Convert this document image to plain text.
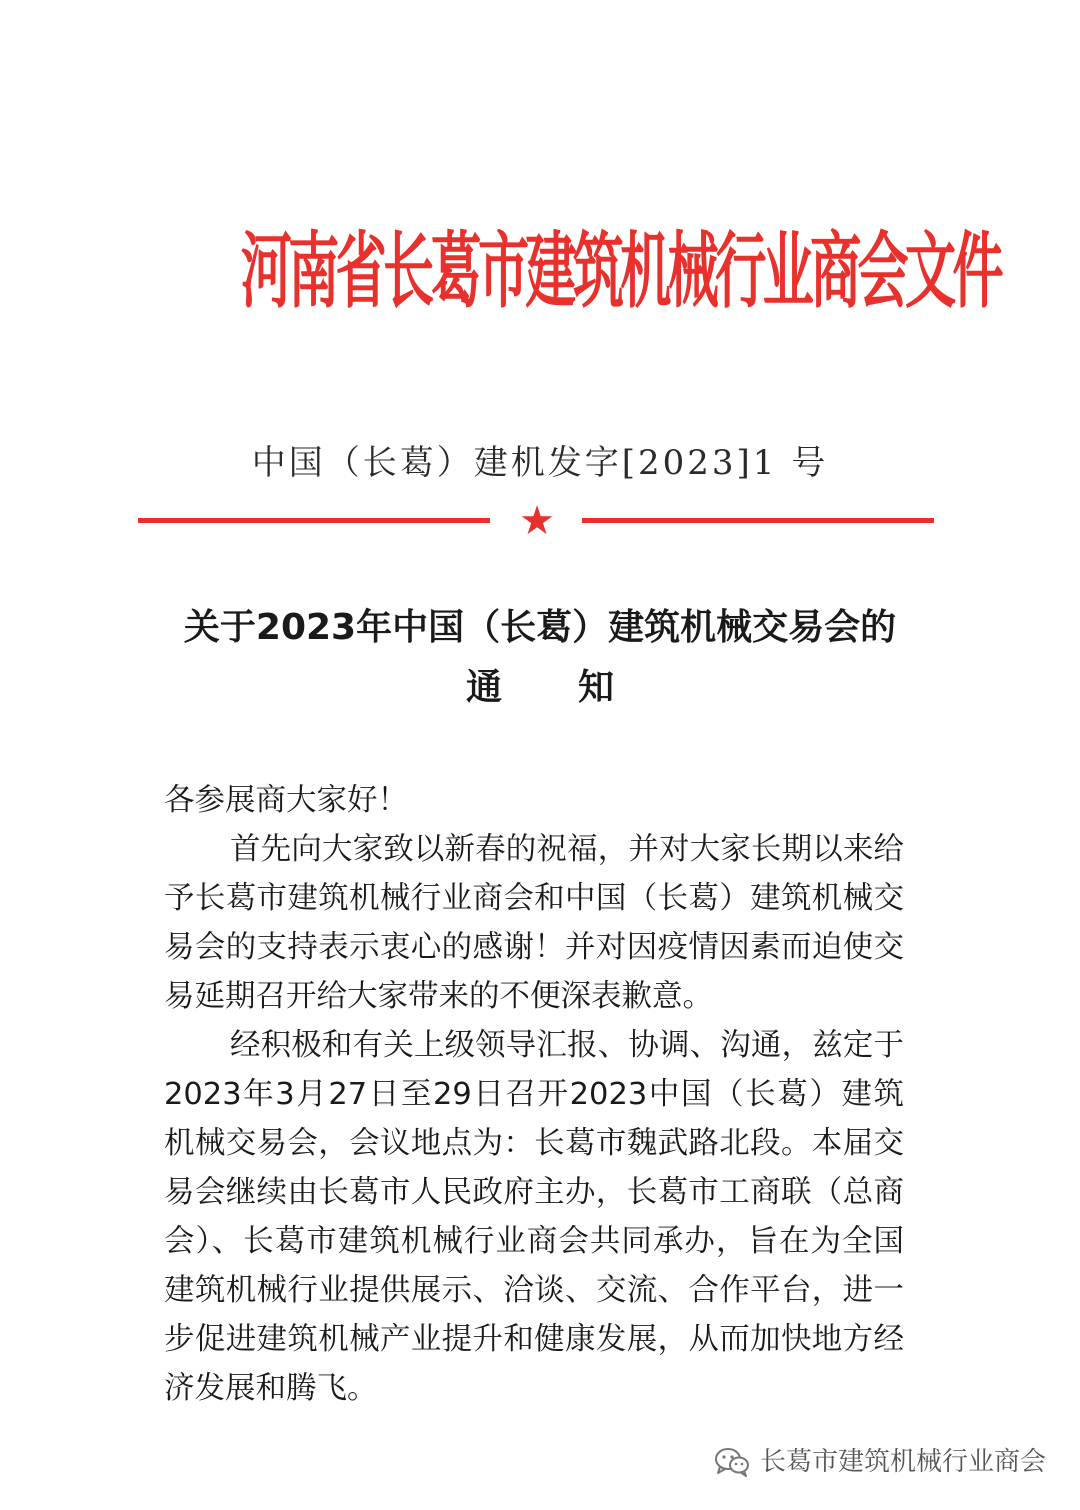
河南省长葛市建筑机械行业商会文件
中国（长葛）建机发字[2023]1 号
★
关于2023年中国（长葛）建筑机械交易会的
通知

各参展商大家好！

首先向大家致以新春的祝福，并对大家长期以来给予长葛市建筑机械行业商会和中国（长葛）建筑机械交易会的支持表示衷心的感谢！并对因疫情因素而迫使交易延期召开给大家带来的不便深表歉意。

经积极和有关上级领导汇报、协调、沟通，兹定于2023年3月27日至29日召开2023中国（长葛）建筑机械交易会，会议地点为：长葛市魏武路北段。本届交易会继续由长葛市人民政府主办，长葛市工商联（总商会）、长葛市建筑机械行业商会共同承办，旨在为全国建筑机械行业提供展示、洽谈、交流、合作平台，进一步促进建筑机械产业提升和健康发展，从而加快地方经济发展和腾飞。

长葛市建筑机械行业商会
